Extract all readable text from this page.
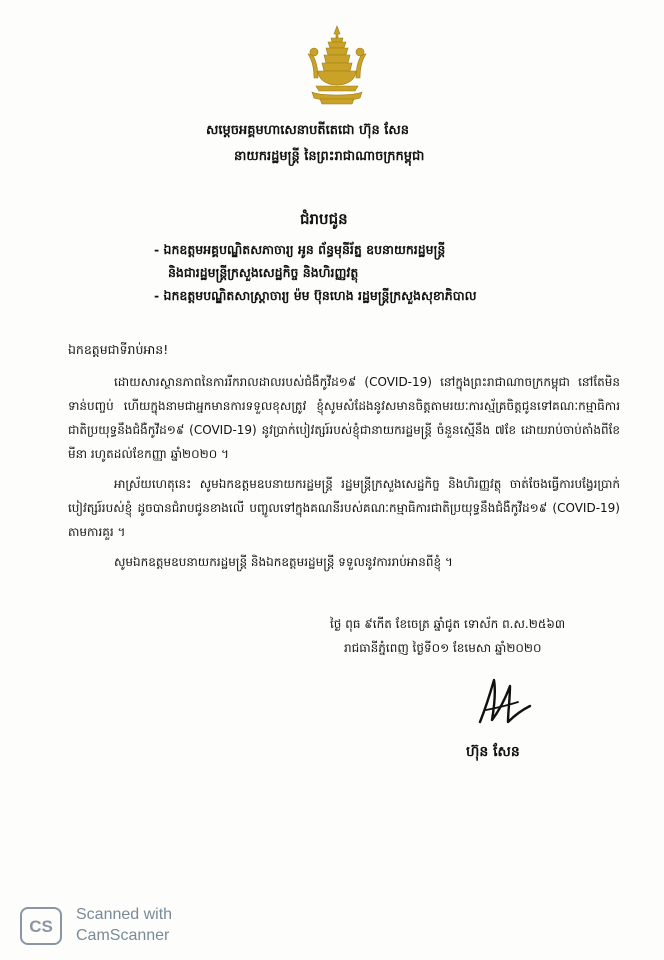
សម្ដេចអគ្គមហាសេនាបតីតេជោ ហ៊ុន សែន
នាយករដ្ឋមន្ត្រី នៃព្រះរាជាណាចក្រកម្ពុជា
ជំរាបជូន
- ឯកឧត្តមអគ្គបណ្ឌិតសភាចារ្យ អូន ព័ន្ធមុនីរ័ត្ន ឧបនាយករដ្ឋមន្ត្រី
និងជារដ្ឋមន្ត្រីក្រសួងសេដ្ឋកិច្ច និងហិរញ្ញវត្ថុ
- ឯកឧត្តមបណ្ឌិតសាស្ត្រាចារ្យ ម៉ម ប៊ុនហេង រដ្ឋមន្ត្រីក្រសួងសុខាភិបាល
ឯកឧត្តមជាទីរាប់អាន!

ដោយសារស្ថានភាពនៃការរីករាលដាលរបស់ជំងឺកូវីដ១៩ (COVID-19) នៅក្នុងព្រះរាជាណាចក្រកម្ពុជា នៅតែមិនទាន់បញ្ចប់ ហើយក្នុងនាមជាអ្នកមានការទទួលខុសត្រូវ ខ្ញុំសូមសំដែងនូវសមានចិត្តតាមរយៈការស្ម័គ្រចិត្តជូនទៅគណៈកម្មាធិការជាតិប្រយុទ្ធនឹងជំងឺកូវីដ១៩ (COVID-19) នូវប្រាក់បៀវត្សរ៍របស់ខ្ញុំជានាយករដ្ឋមន្ត្រី ចំនួនស្មើនឹង ៧ខែ ដោយរាប់ចាប់តាំងពីខែមីនា រហូតដល់ខែកញ្ញា ឆ្នាំ២០២០ ។

អាស្រ័យហេតុនេះ សូមឯកឧត្តមឧបនាយករដ្ឋមន្ត្រី រដ្ឋមន្ត្រីក្រសួងសេដ្ឋកិច្ច និងហិរញ្ញវត្ថុ ចាត់ចែងធ្វើការបង្វែរប្រាក់បៀវត្សរ៍របស់ខ្ញុំ ដូចបានជំរាបជូនខាងលើ បញ្ចូលទៅក្នុងគណនីរបស់គណៈកម្មាធិការជាតិប្រយុទ្ធនឹងជំងឺកូវីដ១៩ (COVID-19) តាមការគួរ ។

សូមឯកឧត្តមឧបនាយករដ្ឋមន្ត្រី និងឯកឧត្តមរដ្ឋមន្ត្រី ទទួលនូវការរាប់អានពីខ្ញុំ ។

ថ្ងៃ ពុធ ៩កើត ខែចេត្រ ឆ្នាំជូត ទោស័ក ព.ស.២៥៦៣
រាជធានីភ្នំពេញ ថ្ងៃទី០១ ខែមេសា ឆ្នាំ២០២០
ហ៊ុន សែន
CS
Scanned with
CamScanner
